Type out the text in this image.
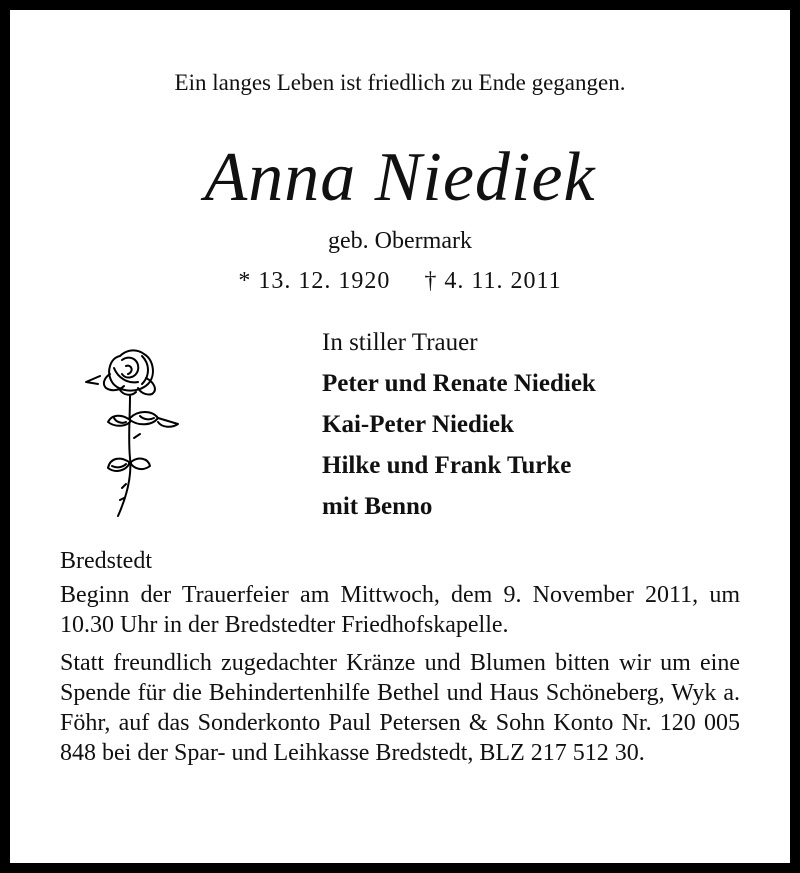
Ein langes Leben ist friedlich zu Ende gegangen.
Anna Niediek
geb. Obermark
* 13. 12. 1920 † 4. 11. 2011
In stiller Trauer
Peter und Renate Niediek
Kai-Peter Niediek
Hilke und Frank Turke
mit Benno

Bredstedt

Beginn der Trauerfeier am Mittwoch, dem 9. November 2011, um 10.30 Uhr in der Bredstedter Friedhofskapelle.

Statt freundlich zugedachter Kränze und Blumen bitten wir um eine Spende für die Behindertenhilfe Bethel und Haus Schöneberg, Wyk a. Föhr, auf das Sonderkonto Paul Petersen & Sohn Konto Nr. 120 005 848 bei der Spar- und Leihkasse Bredstedt, BLZ 217 512 30.
